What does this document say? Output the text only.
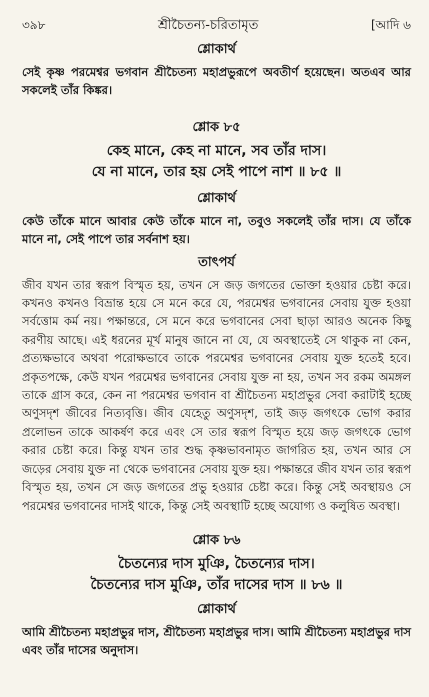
৩৯৮	শ্রীচৈতন্য-চরিতামৃত	[আদি ৬
শ্লোকার্থ

সেই কৃষ্ণ পরমেশ্বর ভগবান শ্রীচৈতন্য মহাপ্রভুরূপে অবতীর্ণ হয়েছেন। অতএব আর সকলেই তাঁর কিঙ্কর।

শ্লোক ৮৫
কেহ মানে, কেহ না মানে, সব তাঁর দাস।
যে না মানে, তার হয় সেই পাপে নাশ ॥ ৮৫ ॥
শ্লোকার্থ

কেউ তাঁকে মানে আবার কেউ তাঁকে মানে না, তবুও সকলেই তাঁর দাস। যে তাঁকে মানে না, সেই পাপে তার সর্বনাশ হয়।

তাৎপর্য

জীব যখন তার স্বরূপ বিস্মৃত হয়, তখন সে জড় জগতের ভোক্তা হওয়ার চেষ্টা করে। কখনও কখনও বিভ্রান্ত হয়ে সে মনে করে যে, পরমেশ্বর ভগবানের সেবায় যুক্ত হওয়া সর্বত্তোম কর্ম নয়। পক্ষান্তরে, সে মনে করে ভগবানের সেবা ছাড়া আরও অনেক কিছু করণীয় আছে। এই ধরনের মূর্খ মানুষ জানে না যে, যে অবস্থাতেই সে থাকুক না কেন, প্রত্যক্ষভাবে অথবা পরোক্ষভাবে তাকে পরমেশ্বর ভগবানের সেবায় যুক্ত হতেই হবে। প্রকৃতপক্ষে, কেউ যখন পরমেশ্বর ভগবানের সেবায় যুক্ত না হয়, তখন সব রকম অমঙ্গল তাকে গ্রাস করে, কেন না পরমেশ্বর ভগবান বা শ্রীচৈতন্য মহাপ্রভুর সেবা করাটাই হচ্ছে অণুসদৃশ জীবের নিত্যবৃত্তি। জীব যেহেতু অণুসদৃশ, তাই জড় জগৎকে ভোগ করার প্রলোভন তাকে আকর্ষণ করে এবং সে তার স্বরূপ বিস্মৃত হয়ে জড় জগৎকে ভোগ করার চেষ্টা করে। কিন্তু যখন তার শুদ্ধ কৃষ্ণভাবনামৃত জাগরিত হয়, তখন আর সে জড়ের সেবায় যুক্ত না থেকে ভগবানের সেবায় যুক্ত হয়। পক্ষান্তরে জীব যখন তার স্বরূপ বিস্মৃত হয়, তখন সে জড় জগতের প্রভু হওয়ার চেষ্টা করে। কিন্তু সেই অবস্থায়ও সে পরমেশ্বর ভগবানের দাসই থাকে, কিন্তু সেই অবস্থাটি হচ্ছে অযোগ্য ও কলুষিত অবস্থা।

শ্লোক ৮৬
চৈতন্যের দাস মুঞি, চৈতন্যের দাস।
চৈতন্যের দাস মুঞি, তাঁর দাসের দাস ॥ ৮৬ ॥
শ্লোকার্থ

আমি শ্রীচৈতন্য মহাপ্রভুর দাস, শ্রীচৈতন্য মহাপ্রভুর দাস। আমি শ্রীচৈতন্য মহাপ্রভুর দাস এবং তাঁর দাসের অনুদাস।
